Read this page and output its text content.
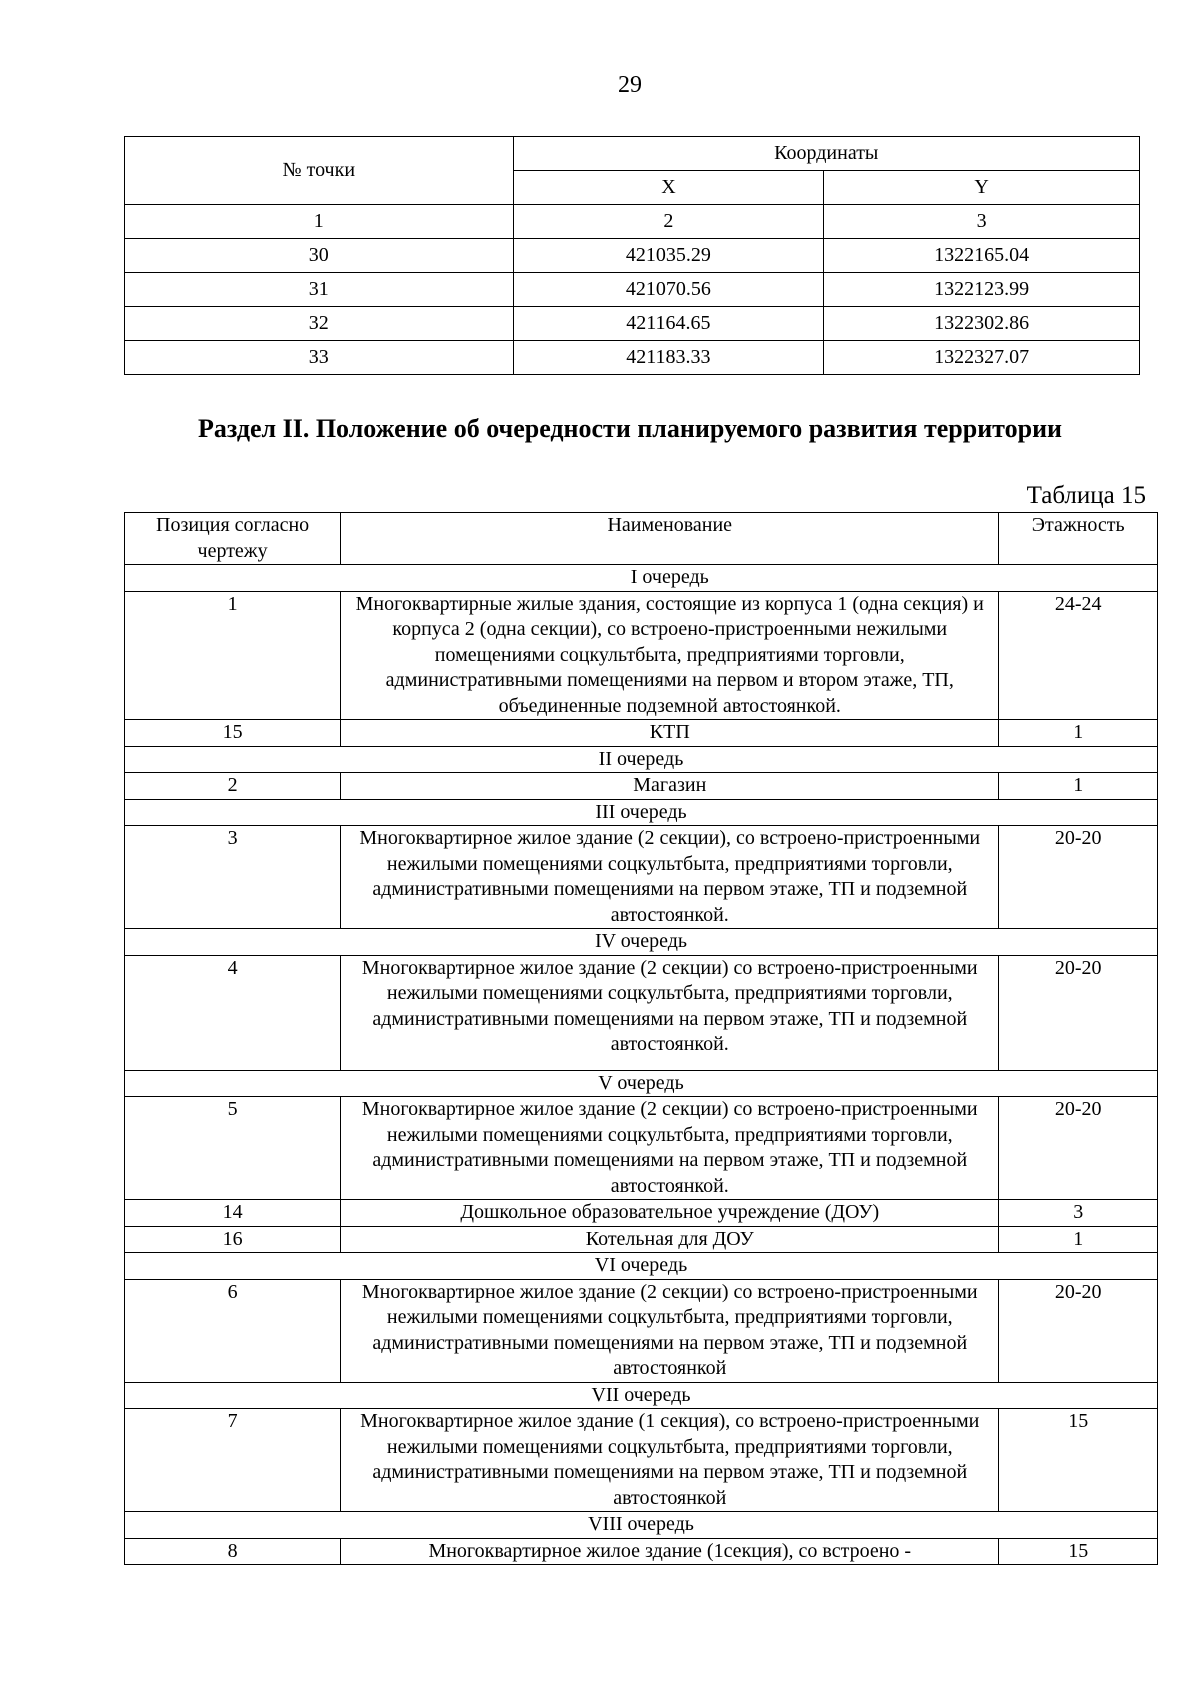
29
№ точки	Координаты	
	X	Y
1	2	3
30	421035.29	1322165.04
31	421070.56	1322123.99
32	421164.65	1322302.86
33	421183.33	1322327.07
Раздел II. Положение об очередности планируемого развития территории
Таблица 15
Позиция согласно чертежу	Наименование	Этажность
	I очередь	
1	Многоквартирные жилые здания, состоящие из корпуса 1 (одна секция) и корпуса 2 (одна секции), со встроено-пристроенными нежилыми помещениями соцкультбыта, предприятиями торговли, административными помещениями на первом и втором этаже, ТП, объединенные подземной автостоянкой.	24-24
15	КТП	1
II очередь		
2	Магазин	1
III очередь		
3	Многоквартирное жилое здание (2 секции), со встроено-пристроенными нежилыми помещениями соцкультбыта, предприятиями торговли, административными помещениями на первом этаже, ТП и подземной автостоянкой.	20-20
IV очередь		
4	Многоквартирное жилое здание (2 секции) со встроено-пристроенными нежилыми помещениями соцкультбыта, предприятиями торговли, административными помещениями на первом этаже, ТП и подземной автостоянкой.	20-20
V очередь		
5	Многоквартирное жилое здание (2 секции) со встроено-пристроенными нежилыми помещениями соцкультбыта, предприятиями торговли, административными помещениями на первом этаже, ТП и подземной автостоянкой.	20-20
14	Дошкольное образовательное учреждение (ДОУ)	3
16	Котельная для ДОУ	1
VI очередь		
6	Многоквартирное жилое здание (2 секции) со встроено-пристроенными нежилыми помещениями соцкультбыта, предприятиями торговли, административными помещениями на первом этаже, ТП и подземной автостоянкой	20-20
VII очередь		
7	Многоквартирное жилое здание (1 секция), со встроено-пристроенными нежилыми помещениями соцкультбыта, предприятиями торговли, административными помещениями на первом этаже, ТП и подземной автостоянкой	15
VIII очередь		
8	Многоквартирное жилое здание (1секция), со встроено -	15
